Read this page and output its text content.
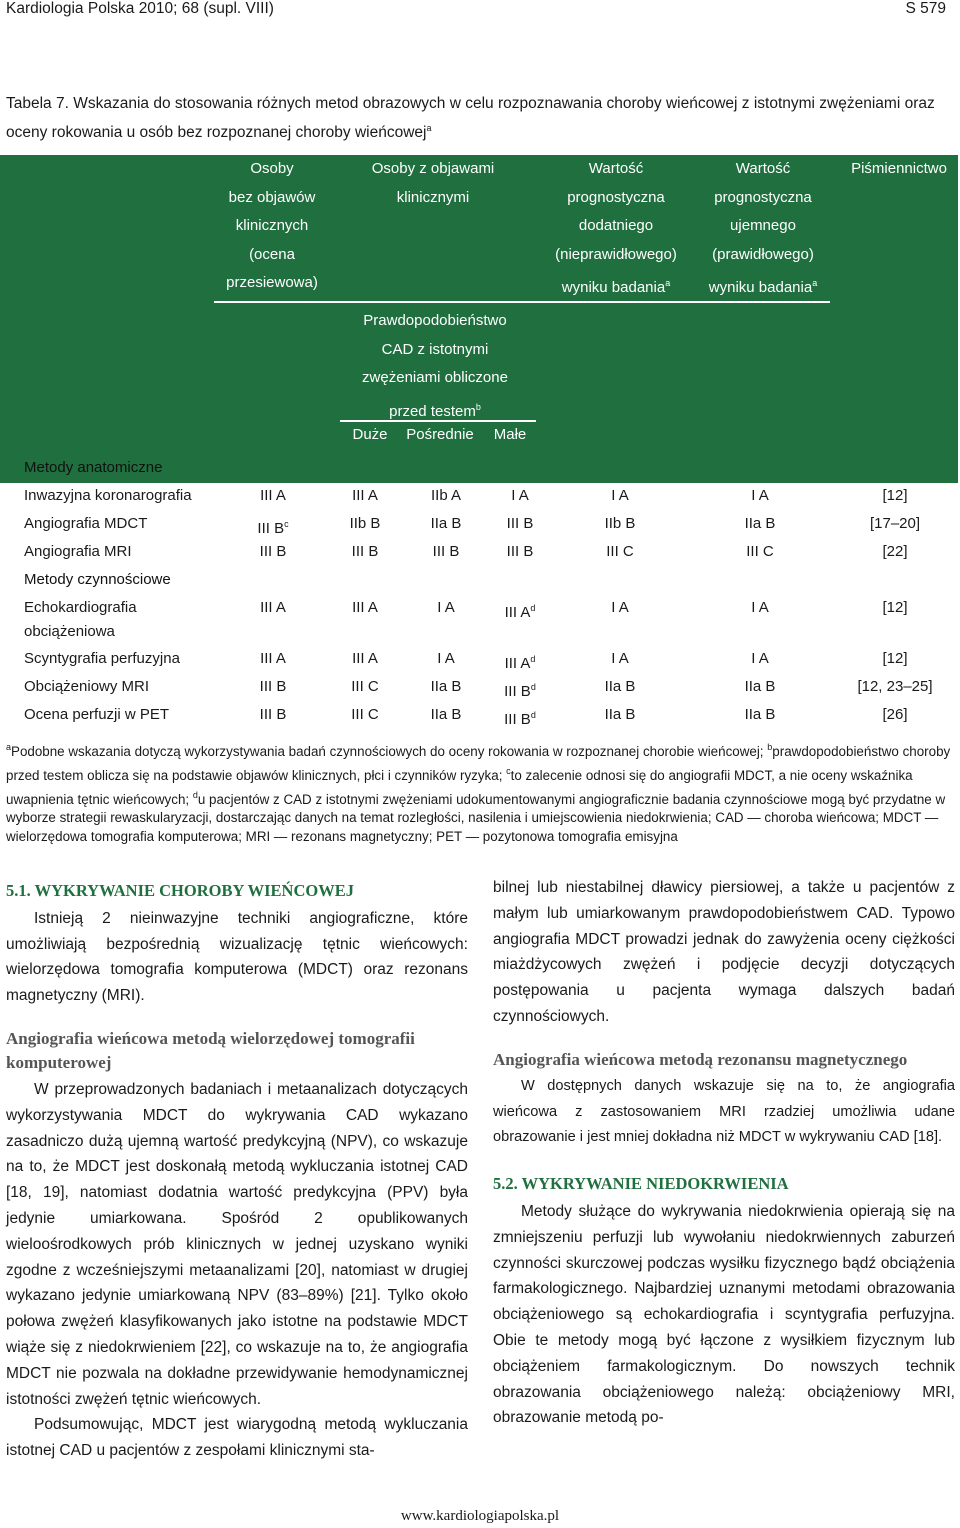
Kardiologia Polska 2010; 68 (supl. VIII)	S 579
Tabela 7. Wskazania do stosowania różnych metod obrazowych w celu rozpoznawania choroby wieńcowej z istotnymi zwężeniami oraz oceny rokowania u osób bez rozpoznanej choroby wieńcowej$^a$
Osoby
bez objawów
klinicznych
(ocena
przesiewowa)
Osoby z objawami
klinicznymi
Wartość
prognostyczna
dodatniego
(nieprawidłowego)
wyniku badania$^a$
Wartość
prognostyczna
ujemnego
(prawidłowego)
wyniku badania$^a$
Piśmiennictwo
Prawdopodobieństwo
CAD z istotnymi
zwężeniami obliczone
przed testem$^b$
Duże	Pośrednie	Małe
Metody anatomiczne
Inwazyjna koronarografia	III A	III A	IIb A	I A	I A	I A	[12]
Angiografia MDCT	III $B^c$	IIb B	IIa B	III B	IIb B	IIa B	[17–20]
Angiografia MRI	III B	III B	III B	III B	III C	III C	[22]
Metody czynnościowe
Echokardiografia
obciążeniowa
III A	III A	I A	III $A^d$	I A	I A	[12]
Scyntygrafia perfuzyjna	III A	III A	I A	III $A^d$	I A	I A	[12]
Obciążeniowy MRI	III B	III C	IIa B	III $B^d$	IIa B	IIa B	[12, 23–25]
Ocena perfuzji w PET	III B	III C	IIa B	III $B^d$	IIa B	IIa B	[26]
$^a$Podobne wskazania dotyczą wykorzystywania badań czynnościowych do oceny rokowania w rozpoznanej chorobie wieńcowej; $^b$prawdopodobieństwo choroby przed testem oblicza się na podstawie objawów klinicznych, płci i czynników ryzyka; $^c$to zalecenie odnosi się do angiografii MDCT, a nie oceny wskaźnika uwapnienia tętnic wieńcowych; $^d$u pacjentów z CAD z istotnymi zwężeniami udokumentowanymi angiograficznie badania czynnościowe mogą być przydatne w wyborze strategii rewaskularyzacji, dostarczając danych na temat rozległości, nasilenia i umiejscowienia niedokrwienia; CAD — choroba wieńcowa; MDCT — wielorzędowa tomografia komputerowa; MRI — rezonans magnetyczny; PET — pozytonowa tomografia emisyjna
5.1. WYKRYWANIE CHOROBY WIEŃCOWEJ

Istnieją 2 nieinwazyjne techniki angiograficzne, które umożliwiają bezpośrednią wizualizację tętnic wieńcowych: wielorzędowa tomografia komputerowa (MDCT) oraz rezonans magnetyczny (MRI).

Angiografia wieńcowa metodą wielorzędowej tomografii komputerowej

W przeprowadzonych badaniach i metaanalizach dotyczących wykorzystywania MDCT do wykrywania CAD wykazano zasadniczo dużą ujemną wartość predykcyjną (NPV), co wskazuje na to, że MDCT jest doskonałą metodą wykluczania istotnej CAD [18, 19], natomiast dodatnia wartość predykcyjna (PPV) była jedynie umiarkowana. Spośród 2 opublikowanych wieloośrodkowych prób klinicznych w jednej uzyskano wyniki zgodne z wcześniejszymi metaanalizami [20], natomiast w drugiej wykazano jedynie umiarkowaną NPV (83–89%) [21]. Tylko około połowa zwężeń klasyfikowanych jako istotne na podstawie MDCT wiąże się z niedokrwieniem [22], co wskazuje na to, że angiografia MDCT nie pozwala na dokładne przewidywanie hemodynamicznej istotności zwężeń tętnic wieńcowych.

Podsumowując, MDCT jest wiarygodną metodą wykluczania istotnej CAD u pacjentów z zespołami klinicznymi sta-

bilnej lub niestabilnej dławicy piersiowej, a także u pacjentów z małym lub umiarkowanym prawdopodobieństwem CAD. Typowo angiografia MDCT prowadzi jednak do zawyżenia oceny ciężkości miażdżycowych zwężeń i podjęcie decyzji dotyczących postępowania u pacjenta wymaga dalszych badań czynnościowych.

Angiografia wieńcowa metodą rezonansu magnetycznego

W dostępnych danych wskazuje się na to, że angiografia wieńcowa z zastosowaniem MRI rzadziej umożliwia udane obrazowanie i jest mniej dokładna niż MDCT w wykrywaniu CAD [18].

5.2. WYKRYWANIE NIEDOKRWIENIA

Metody służące do wykrywania niedokrwienia opierają się na zmniejszeniu perfuzji lub wywołaniu niedokrwiennych zaburzeń czynności skurczowej podczas wysiłku fizycznego bądź obciążenia farmakologicznego. Najbardziej uznanymi metodami obrazowania obciążeniowego są echokardiografia i scyntygrafia perfuzyjna. Obie te metody mogą być łączone z wysiłkiem fizycznym lub obciążeniem farmakologicznym. Do nowszych technik obrazowania obciążeniowego należą: obciążeniowy MRI, obrazowanie metodą po-

www.kardiologiapolska.pl
